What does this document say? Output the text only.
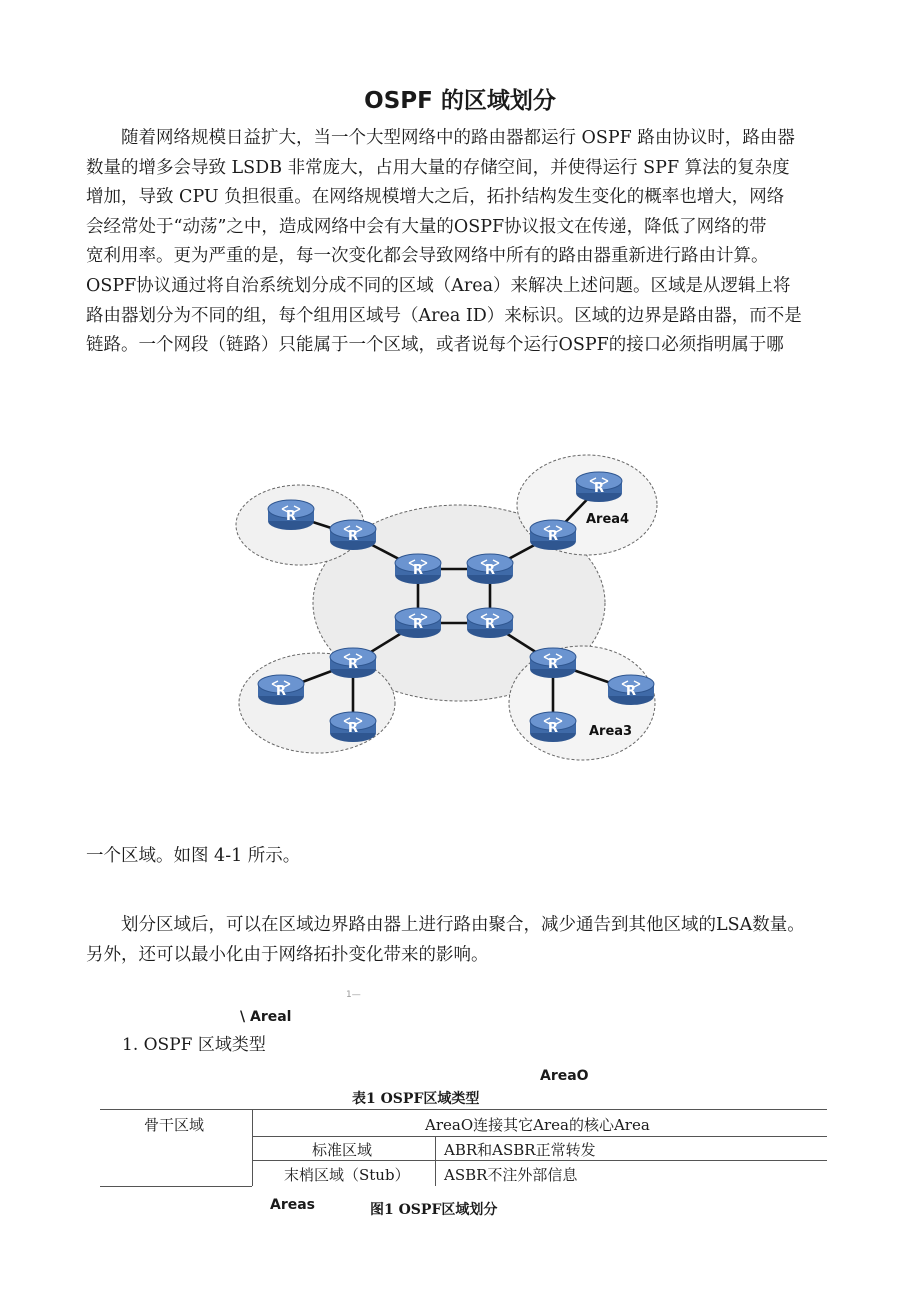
OSPF 的区域划分
　　随着网络规模日益扩大，当一个大型网络中的路由器都运行 OSPF 路由协议时，路由器
数量的增多会导致 LSDB 非常庞大，占用大量的存储空间，并使得运行 SPF 算法的复杂度
增加，导致 CPU 负担很重。在网络规模增大之后，拓扑结构发生变化的概率也增大，网络
会经常处于“动荡”之中，造成网络中会有大量的OSPF协议报文在传递，降低了网络的带
宽利用率。更为严重的是，每一次变化都会导致网络中所有的路由器重新进行路由计算。
OSPF协议通过将自治系统划分成不同的区域（Area）来解决上述问题。区域是从逻辑上将
路由器划分为不同的组，每个组用区域号（Area ID）来标识。区域的边界是路由器，而不是
链路。一个网段（链路）只能属于一个区域，或者说每个运行OSPF的接口必须指明属于哪
R
R
R	R
R	R
R
R
R
R
R
R
R
R
Area4
Area3
一个区域。如图 4-1 所示。
　　划分区域后，可以在区域边界路由器上进行路由聚合，减少通告到其他区域的LSA数量。
另外，还可以最小化由于网络拓扑变化带来的影响。
1—
\ Areal
1. OSPF 区域类型
AreaO
表1 OSPF区域类型
骨干区域	AreaO连接其它Area的核心Area
标准区域	ABR和ASBR正常转发
末梢区域（Stub） ASBR不注外部信息
Areas	图1 OSPF区域划分
